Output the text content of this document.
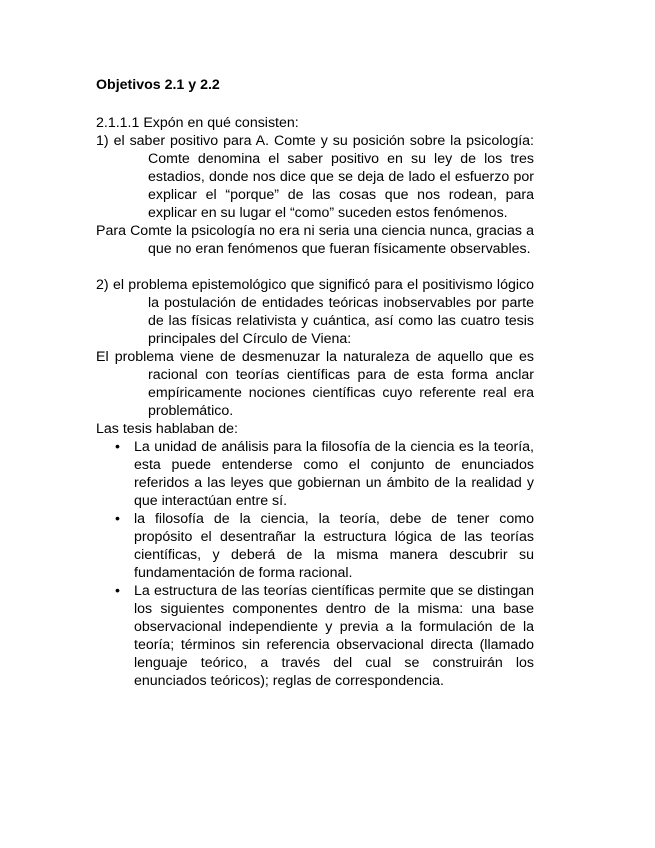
Objetivos 2.1 y 2.2

2.1.1.1 Expón en qué consisten:

1) el saber positivo para A. Comte y su posición sobre la psicología: Comte denomina el saber positivo en su ley de los tres estadios, donde nos dice que se deja de lado el esfuerzo por explicar el “porque” de las cosas que nos rodean, para explicar en su lugar el “como” suceden estos fenómenos.

Para Comte la psicología no era ni seria una ciencia nunca, gracias a que no eran fenómenos que fueran físicamente observables.

2) el problema epistemológico que significó para el positivismo lógico la postulación de entidades teóricas inobservables por parte de las físicas relativista y cuántica, así como las cuatro tesis principales del Círculo de Viena:

El problema viene de desmenuzar la naturaleza de aquello que es racional con teorías científicas para de esta forma anclar empíricamente nociones científicas cuyo referente real era problemático.

Las tesis hablaban de:

• La unidad de análisis para la filosofía de la ciencia es la teoría, esta puede entenderse como el conjunto de enunciados referidos a las leyes que gobiernan un ámbito de la realidad y que interactúan entre sí.
• la filosofía de la ciencia, la teoría, debe de tener como propósito el desentrañar la estructura lógica de las teorías científicas, y deberá de la misma manera descubrir su fundamentación de forma racional.
• La estructura de las teorías científicas permite que se distingan los siguientes componentes dentro de la misma: una base observacional independiente y previa a la formulación de la teoría; términos sin referencia observacional directa (llamado lenguaje teórico, a través del cual se construirán los enunciados teóricos); reglas de correspondencia.
